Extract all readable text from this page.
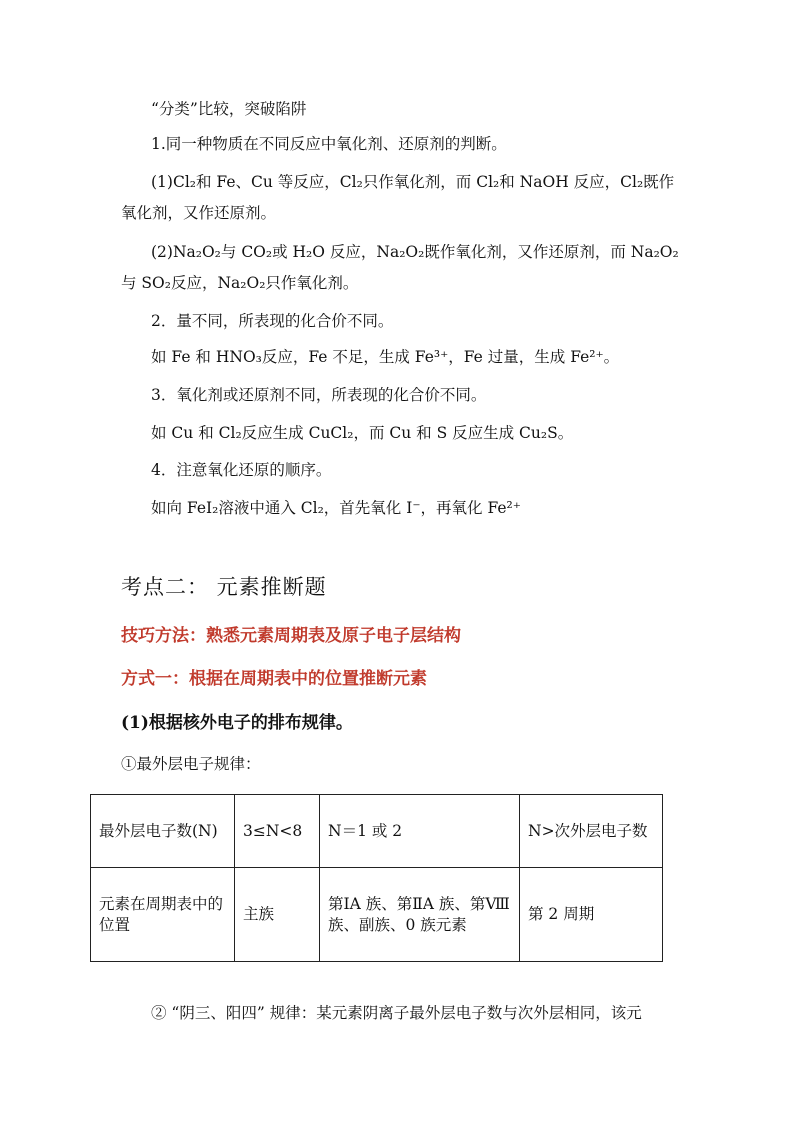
“分类”比较，突破陷阱
1.同一种物质在不同反应中氧化剂、还原剂的判断。
(1)Cl₂和 Fe、Cu 等反应，Cl₂只作氧化剂，而 Cl₂和 NaOH 反应，Cl₂既作
氧化剂，又作还原剂。
(2)Na₂O₂与 CO₂或 H₂O 反应，Na₂O₂既作氧化剂，又作还原剂，而 Na₂O₂
与 SO₂反应，Na₂O₂只作氧化剂。
2．量不同，所表现的化合价不同。
如 Fe 和 HNO₃反应，Fe 不足，生成 Fe³⁺，Fe 过量，生成 Fe²⁺。
3．氧化剂或还原剂不同，所表现的化合价不同。
如 Cu 和 Cl₂反应生成 CuCl₂，而 Cu 和 S 反应生成 Cu₂S。
4．注意氧化还原的顺序。
如向 FeI₂溶液中通入 Cl₂，首先氧化 I⁻，再氧化 Fe²⁺
考点二： 元素推断题
技巧方法：熟悉元素周期表及原子电子层结构
方式一：根据在周期表中的位置推断元素
(1)根据核外电子的排布规律。
①最外层电子规律：
最外层电子数(N)	3≤N<8	N＝1 或 2	N>次外层电子数
元素在周期表中的位置	主族	第ⅠA 族、第ⅡA 族、第Ⅷ族、副族、0 族元素	第 2 周期
② “阴三、阳四” 规律：某元素阴离子最外层电子数与次外层相同，该元
